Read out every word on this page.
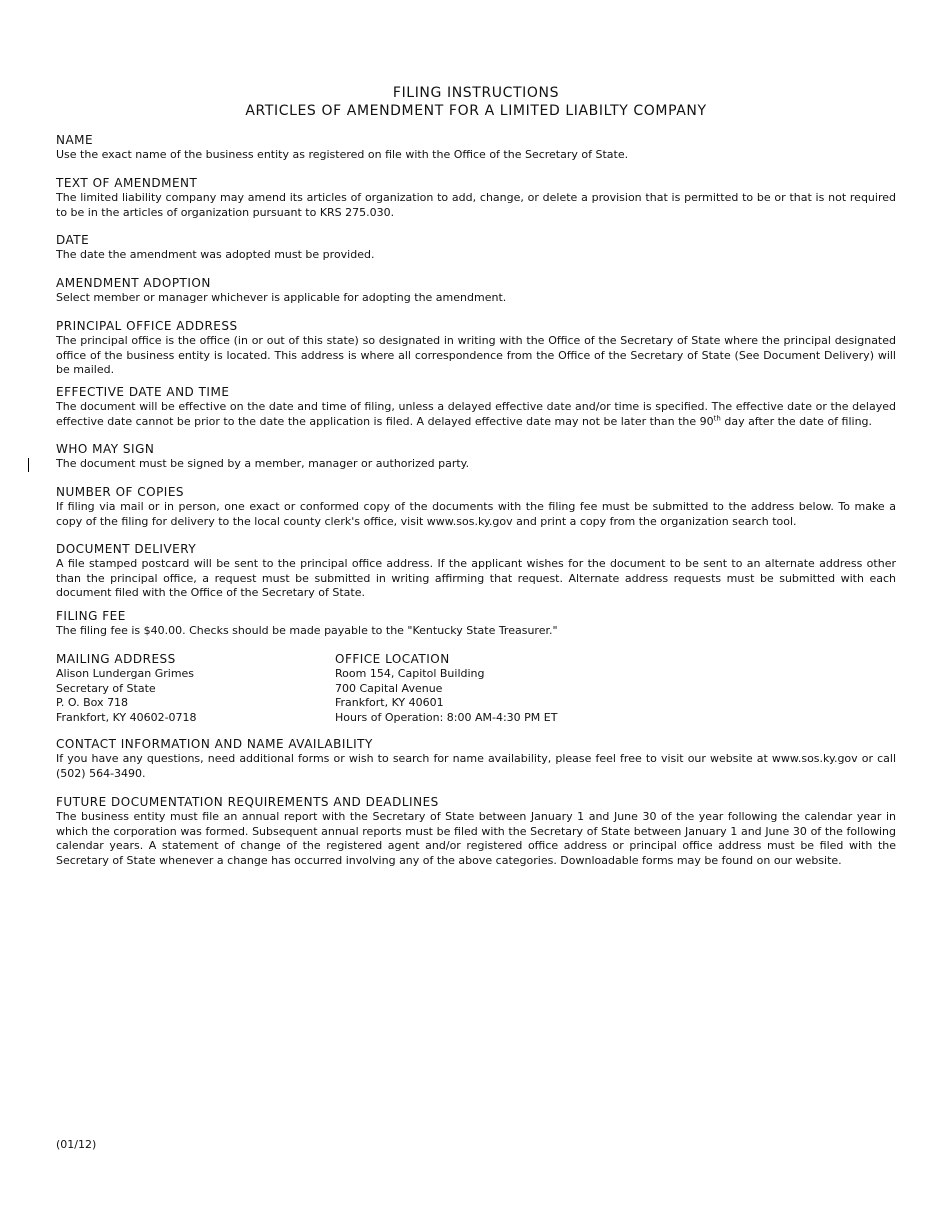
FILING INSTRUCTIONS
ARTICLES OF AMENDMENT FOR A LIMITED LIABILTY COMPANY
NAME
Use the exact name of the business entity as registered on file with the Office of the Secretary of State.
TEXT OF AMENDMENT
The limited liability company may amend its articles of organization to add, change, or delete a provision that is permitted to be or that is not required to be in the articles of organization pursuant to KRS 275.030.
DATE
The date the amendment was adopted must be provided.
AMENDMENT ADOPTION
Select member or manager whichever is applicable for adopting the amendment.
PRINCIPAL OFFICE ADDRESS
The principal office is the office (in or out of this state) so designated in writing with the Office of the Secretary of State where the principal designated office of the business entity is located. This address is where all correspondence from the Office of the Secretary of State (See Document Delivery) will be mailed.
EFFECTIVE DATE AND TIME
The document will be effective on the date and time of filing, unless a delayed effective date and/or time is specified. The effective date or the delayed effective date cannot be prior to the date the application is filed. A delayed effective date may not be later than the 90th day after the date of filing.
WHO MAY SIGN
The document must be signed by a member, manager or authorized party.
NUMBER OF COPIES
If filing via mail or in person, one exact or conformed copy of the documents with the filing fee must be submitted to the address below. To make a copy of the filing for delivery to the local county clerk's office, visit www.sos.ky.gov and print a copy from the organization search tool.
DOCUMENT DELIVERY
A file stamped postcard will be sent to the principal office address. If the applicant wishes for the document to be sent to an alternate address other than the principal office, a request must be submitted in writing affirming that request. Alternate address requests must be submitted with each document filed with the Office of the Secretary of State.
FILING FEE
The filing fee is $40.00. Checks should be made payable to the "Kentucky State Treasurer."
MAILING ADDRESS
Alison Lundergan Grimes
Secretary of State
P. O. Box 718
Frankfort, KY 40602-0718
OFFICE LOCATION
Room 154, Capitol Building
700 Capital Avenue
Frankfort, KY 40601
Hours of Operation: 8:00 AM-4:30 PM ET
CONTACT INFORMATION AND NAME AVAILABILITY
If you have any questions, need additional forms or wish to search for name availability, please feel free to visit our website at www.sos.ky.gov or call (502) 564-3490.
FUTURE DOCUMENTATION REQUIREMENTS AND DEADLINES
The business entity must file an annual report with the Secretary of State between January 1 and June 30 of the year following the calendar year in which the corporation was formed. Subsequent annual reports must be filed with the Secretary of State between January 1 and June 30 of the following calendar years. A statement of change of the registered agent and/or registered office address or principal office address must be filed with the Secretary of State whenever a change has occurred involving any of the above categories. Downloadable forms may be found on our website.
(01/12)
